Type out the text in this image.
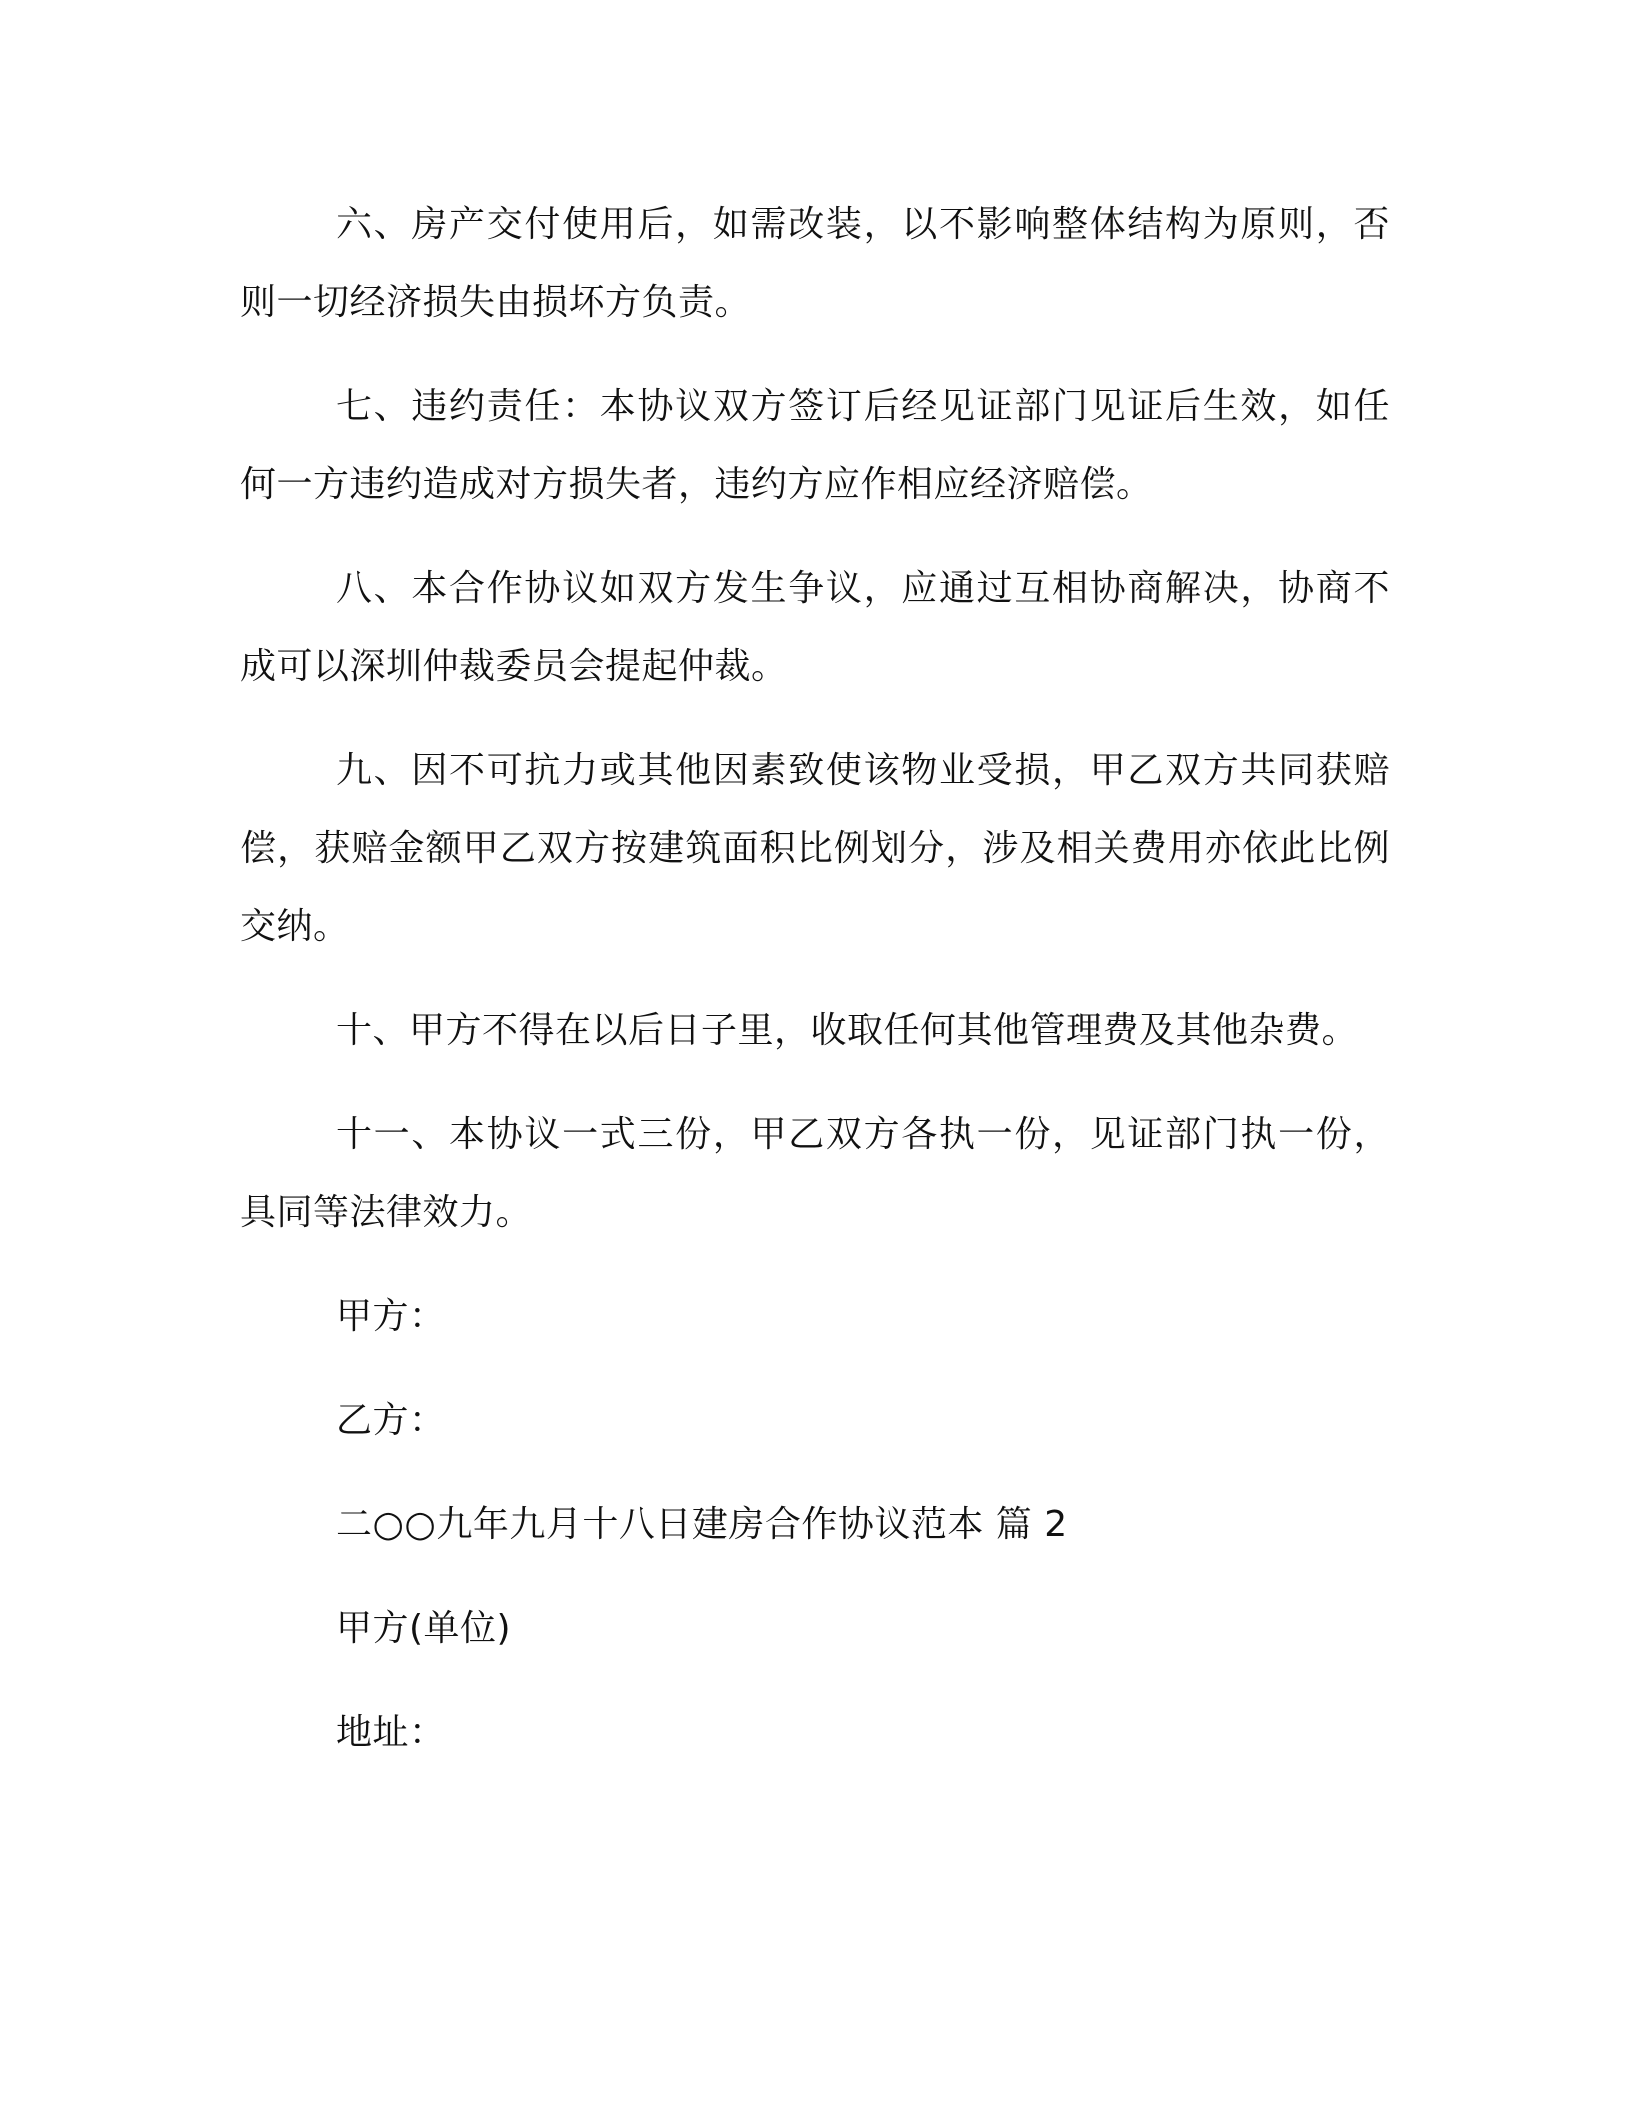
六、房产交付使用后，如需改装，以不影响整体结构为原则，否则一切经济损失由损坏方负责。

七、违约责任：本协议双方签订后经见证部门见证后生效，如任何一方违约造成对方损失者，违约方应作相应经济赔偿。

八、本合作协议如双方发生争议，应通过互相协商解决，协商不成可以深圳仲裁委员会提起仲裁。

九、因不可抗力或其他因素致使该物业受损，甲乙双方共同获赔偿，获赔金额甲乙双方按建筑面积比例划分，涉及相关费用亦依此比例交纳。

十、甲方不得在以后日子里，收取任何其他管理费及其他杂费。

十一、本协议一式三份，甲乙双方各执一份，见证部门执一份，具同等法律效力。

甲方：

乙方：

二○○九年九月十八日建房合作协议范本 篇 2

甲方(单位)

地址：
